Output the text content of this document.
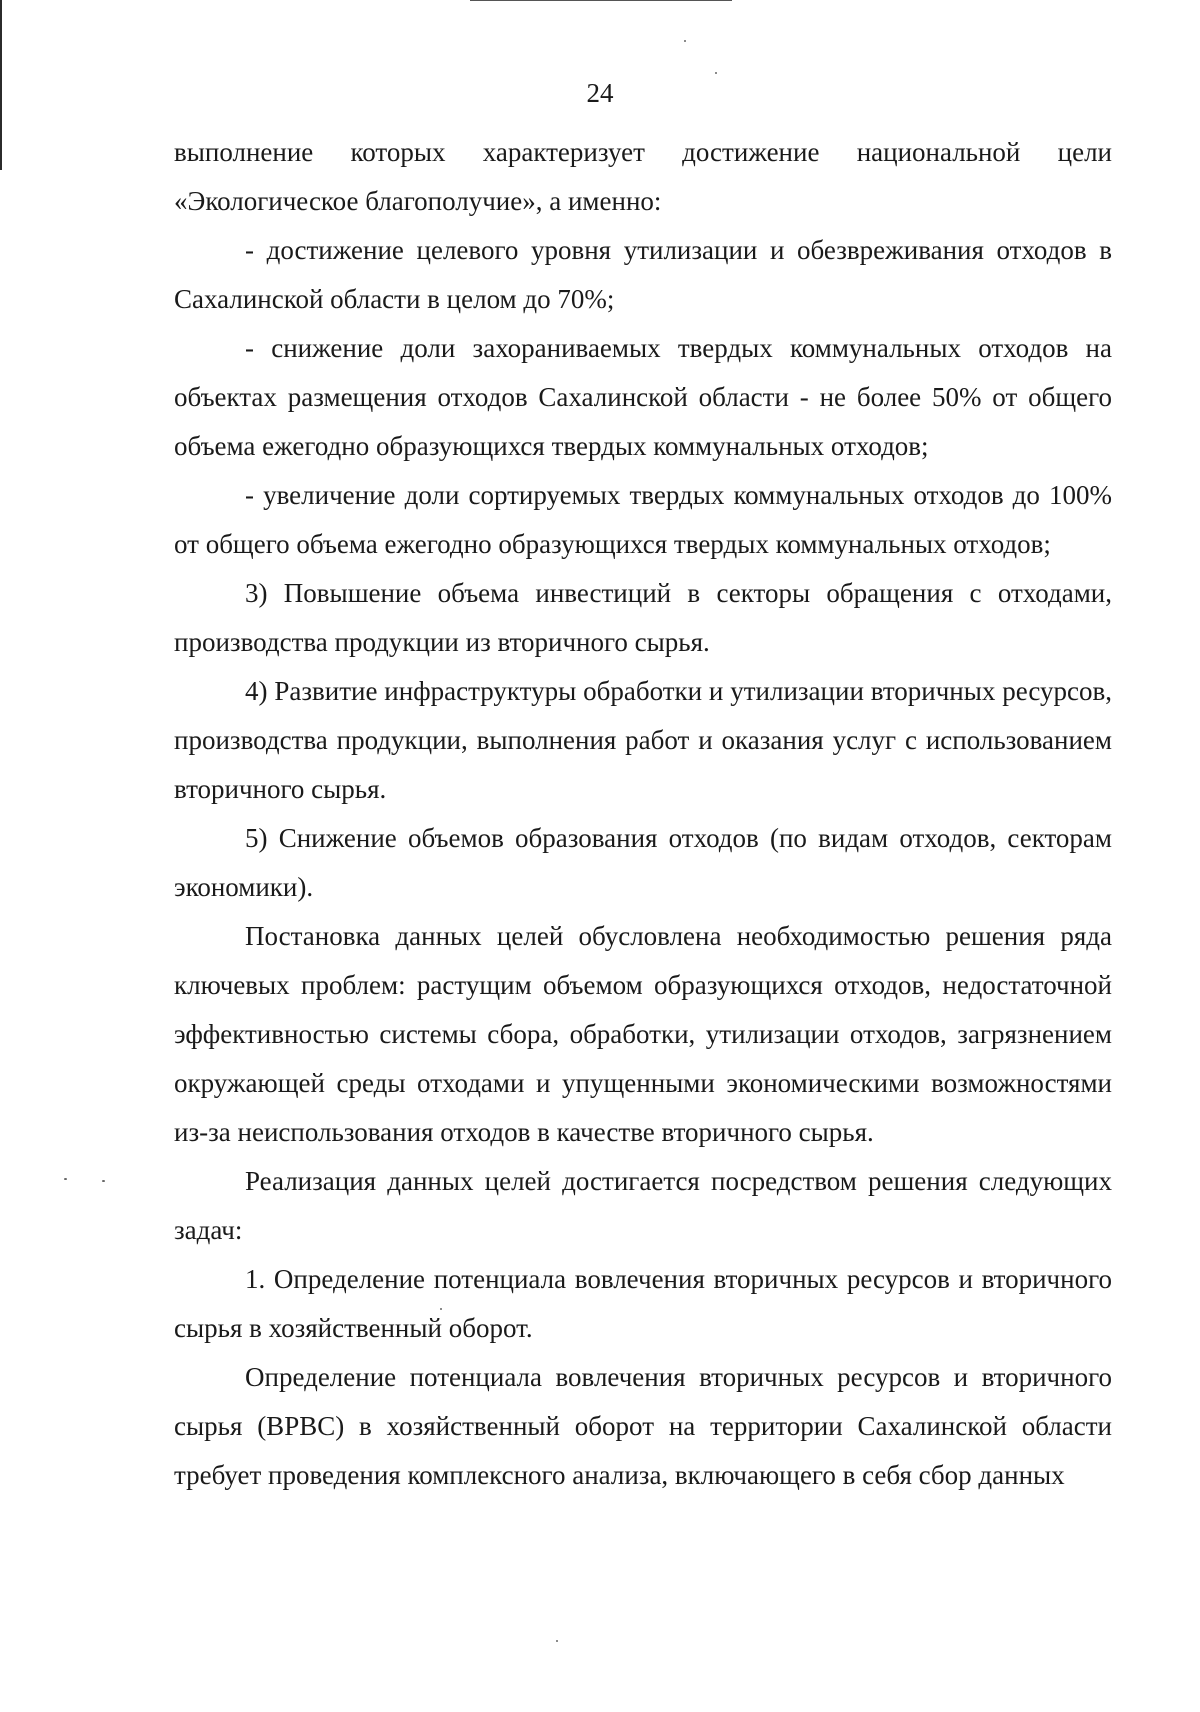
24

выполнение которых характеризует достижение национальной цели «Экологическое благополучие», а именно:

- достижение целевого уровня утилизации и обезвреживания отходов в Сахалинской области в целом до 70%;

- снижение доли захораниваемых твердых коммунальных отходов на объектах размещения отходов Сахалинской области - не более 50% от общего объема ежегодно образующихся твердых коммунальных отходов;

- увеличение доли сортируемых твердых коммунальных отходов до 100% от общего объема ежегодно образующихся твердых коммунальных отходов;

3) Повышение объема инвестиций в секторы обращения с отходами, производства продукции из вторичного сырья.

4) Развитие инфраструктуры обработки и утилизации вторичных ресурсов, производства продукции, выполнения работ и оказания услуг с использованием вторичного сырья.

5) Снижение объемов образования отходов (по видам отходов, секторам экономики).

Постановка данных целей обусловлена необходимостью решения ряда ключевых проблем: растущим объемом образующихся отходов, недостаточной эффективностью системы сбора, обработки, утилизации отходов, загрязнением окружающей среды отходами и упущенными экономическими возможностями из-за неиспользования отходов в качестве вторичного сырья.

Реализация данных целей достигается посредством решения следующих задач:

1. Определение потенциала вовлечения вторичных ресурсов и вторичного сырья в хозяйственный оборот.

Определение потенциала вовлечения вторичных ресурсов и вторичного сырья (ВРВС) в хозяйственный оборот на территории Сахалинской области требует проведения комплексного анализа, включающего в себя сбор данных
